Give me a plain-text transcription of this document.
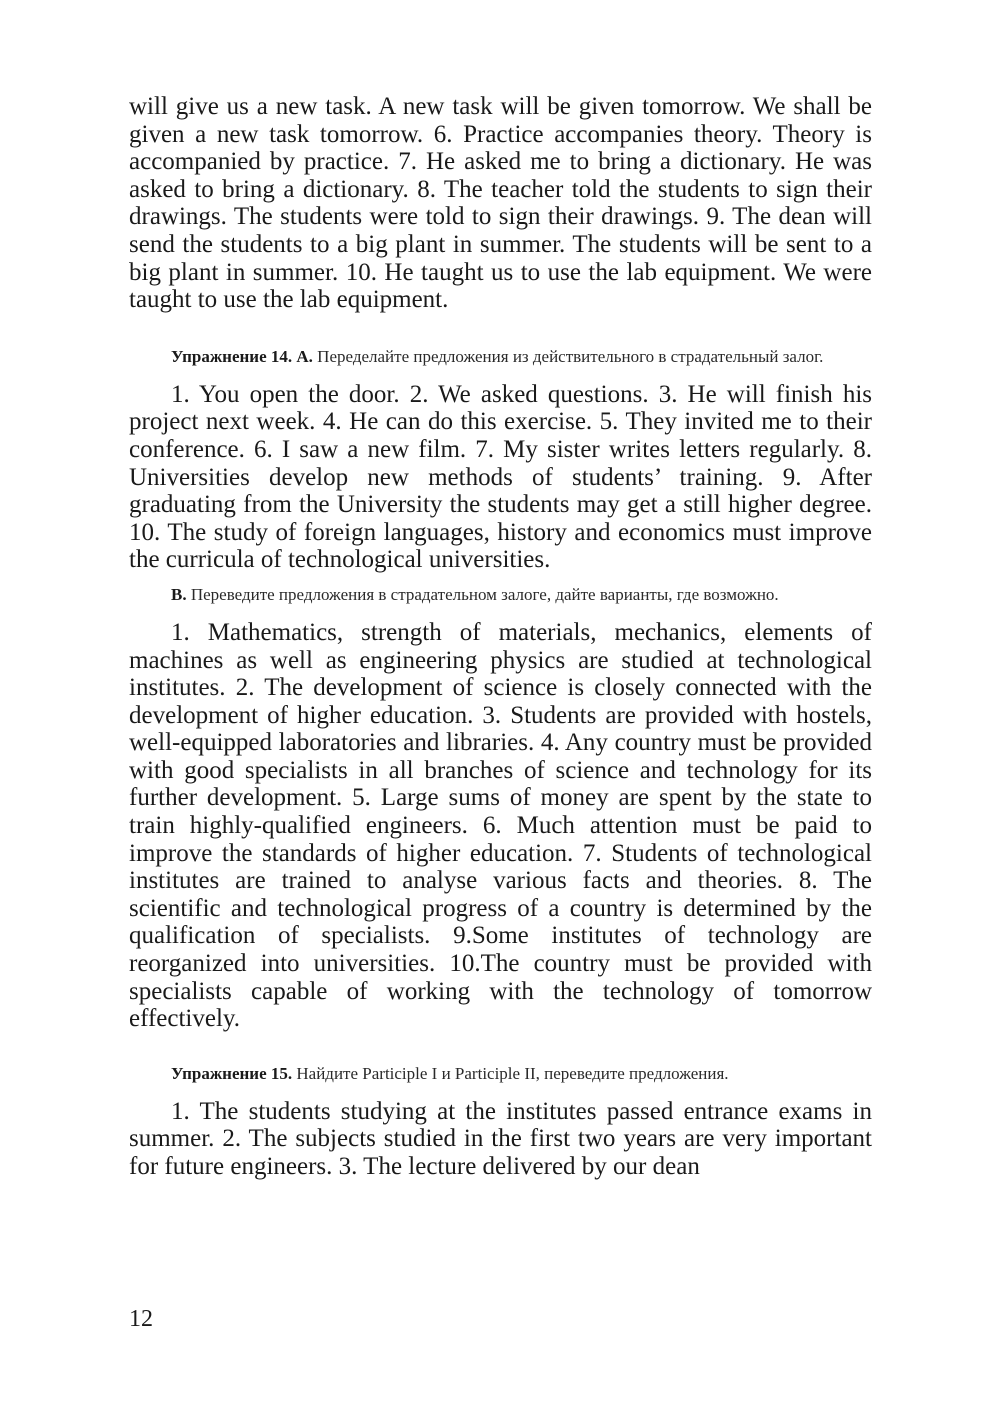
will give us a new task. A new task will be given tomorrow. We shall be given a new task tomorrow. 6. Practice accompanies theory. Theory is accompanied by practice. 7. He asked me to bring a dictionary. He was asked to bring a dictionary. 8. The teacher told the students to sign their drawings. The students were told to sign their drawings. 9. The dean will send the students to a big plant in summer. The students will be sent to a big plant in summer. 10. He taught us to use the lab equipment. We were taught to use the lab equipment.

Упражнение 14. А. Переделайте предложения из действительного в страдательный залог.

1. You open the door. 2. We asked questions. 3. He will finish his project next week. 4. He can do this exercise. 5. They invited me to their conference. 6. I saw a new film. 7. My sister writes letters regularly. 8. Universities develop new methods of students’ training. 9. After graduating from the University the students may get a still higher degree. 10. The study of foreign languages, history and economics must improve the curricula of technological universities.

В. Переведите предложения в страдательном залоге, дайте варианты, где возможно.

1. Mathematics, strength of materials, mechanics, elements of machines as well as engineering physics are studied at technological institutes. 2. The development of science is closely connected with the development of higher education. 3. Students are provided with hostels, well-equipped laboratories and libraries. 4. Any country must be provided with good specialists in all branches of science and technology for its further development. 5. Large sums of money are spent by the state to train highly-qualified engineers. 6. Much attention must be paid to improve the standards of higher education. 7. Students of technological institutes are trained to analyse various facts and theories. 8. The scientific and technological progress of a country is determined by the qualification of specialists. 9.Some institutes of technology are reorganized into universities. 10.The country must be provided with specialists capable of working with the technology of tomorrow effectively.

Упражнение 15. Найдите Participle I и Participle II, переведите предложения.

1. The students studying at the institutes passed entrance exams in summer. 2. The subjects studied in the first two years are very important for future engineers. 3. The lecture delivered by our dean

12
